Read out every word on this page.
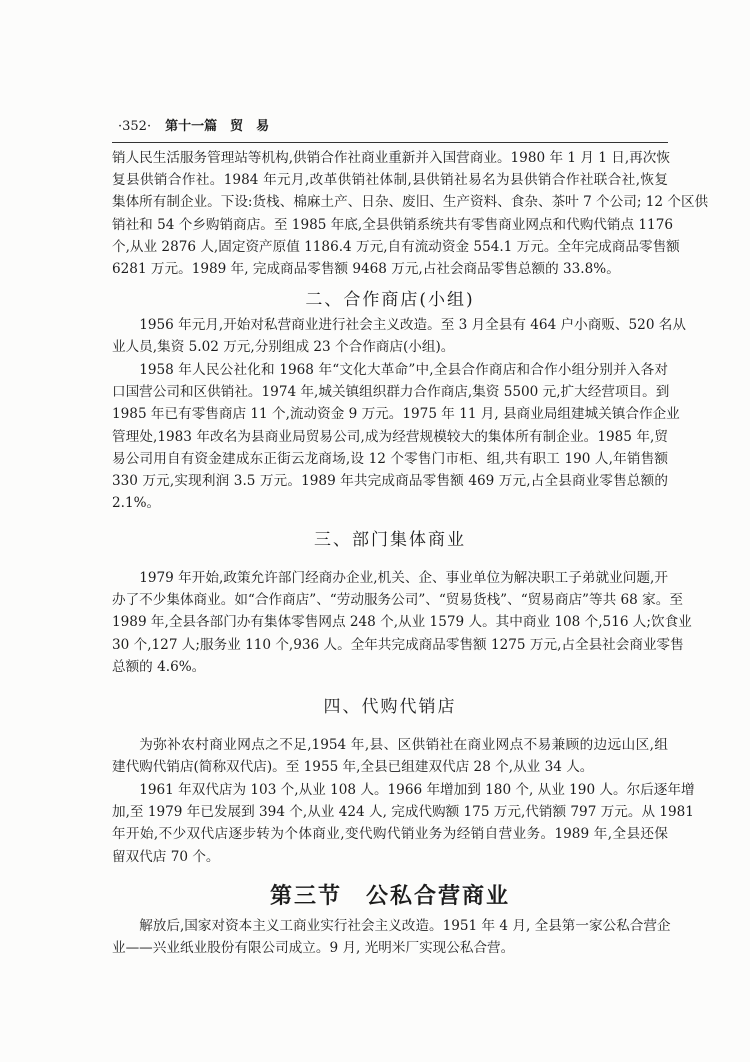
·352· 第十一篇　贸　易
销人民生活服务管理站等机构,供销合作社商业重新并入国营商业。1980 年 1 月 1 日,再次恢
复县供销合作社。1984 年元月,改革供销社体制,县供销社易名为县供销合作社联合社,恢复
集体所有制企业。下设:货栈、棉麻土产、日杂、废旧、生产资料、食杂、茶叶 7 个公司; 12 个区供
销社和 54 个乡购销商店。至 1985 年底,全县供销系统共有零售商业网点和代购代销点 1176
个,从业 2876 人,固定资产原值 1186.4 万元,自有流动资金 554.1 万元。全年完成商品零售额
6281 万元。1989 年, 完成商品零售额 9468 万元,占社会商品零售总额的 33.8%。
二、合作商店(小组)
1956 年元月,开始对私营商业进行社会主义改造。至 3 月全县有 464 户小商贩、520 名从
业人员,集资 5.02 万元,分别组成 23 个合作商店(小组)。
1958 年人民公社化和 1968 年“文化大革命”中,全县合作商店和合作小组分别并入各对
口国营公司和区供销社。1974 年,城关镇组织群力合作商店,集资 5500 元,扩大经营项目。到
1985 年已有零售商店 11 个,流动资金 9 万元。1975 年 11 月, 县商业局组建城关镇合作企业
管理处,1983 年改名为县商业局贸易公司,成为经营规模较大的集体所有制企业。1985 年,贸
易公司用自有资金建成东正街云龙商场,设 12 个零售门市柜、组,共有职工 190 人,年销售额
330 万元,实现利润 3.5 万元。1989 年共完成商品零售额 469 万元,占全县商业零售总额的
2.1%。
三、部门集体商业
1979 年开始,政策允许部门经商办企业,机关、企、事业单位为解决职工子弟就业问题,开
办了不少集体商业。如“合作商店”、“劳动服务公司”、“贸易货栈”、“贸易商店”等共 68 家。至
1989 年,全县各部门办有集体零售网点 248 个,从业 1579 人。其中商业 108 个,516 人;饮食业
30 个,127 人;服务业 110 个,936 人。全年共完成商品零售额 1275 万元,占全县社会商业零售
总额的 4.6%。
四、代购代销店
为弥补农村商业网点之不足,1954 年,县、区供销社在商业网点不易兼顾的边远山区,组
建代购代销店(简称双代店)。至 1955 年,全县已组建双代店 28 个,从业 34 人。
1961 年双代店为 103 个,从业 108 人。1966 年增加到 180 个, 从业 190 人。尔后逐年增
加,至 1979 年已发展到 394 个,从业 424 人, 完成代购额 175 万元,代销额 797 万元。从 1981
年开始,不少双代店逐步转为个体商业,变代购代销业务为经销自营业务。1989 年,全县还保
留双代店 70 个。
第三节　公私合营商业
解放后,国家对资本主义工商业实行社会主义改造。1951 年 4 月, 全县第一家公私合营企
业——兴业纸业股份有限公司成立。9 月, 光明米厂实现公私合营。
